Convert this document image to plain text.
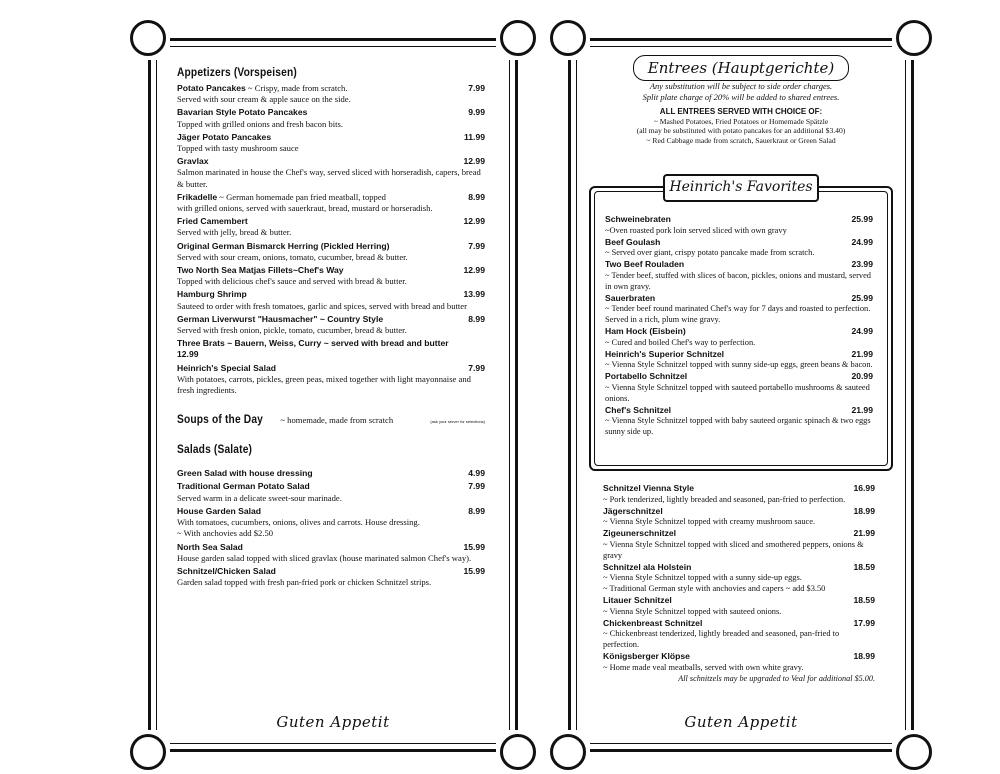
Appetizers (Vorspeisen)
Potato Pancakes ~ Crispy, made from scratch.	7.99
Served with sour cream & apple sauce on the side.
Bavarian Style Potato Pancakes	9.99
Topped with grilled onions and fresh bacon bits.
Jäger Potato Pancakes	11.99
Topped with tasty mushroom sauce
Gravlax	12.99
Salmon marinated in house the Chef's way, served sliced with horseradish, capers, bread & butter.
Frikadelle ~ German homemade pan fried meatball, topped	8.99
with grilled onions, served with sauerkraut, bread, mustard or horseradish.
Fried Camembert	12.99
Served with jelly, bread & butter.
Original German Bismarck Herring (Pickled Herring)	7.99
Served with sour cream, onions, tomato, cucumber, bread & butter.
Two North Sea Matjas Fillets~Chef's Way	12.99
Topped with delicious chef's sauce and served with bread & butter.
Hamburg Shrimp	13.99
Sauteed to order with fresh tomatoes, garlic and spices, served with bread and butter
German Liverwurst "Hausmacher" ~ Country Style	8.99
Served with fresh onion, pickle, tomato, cucumber, bread & butter.
Three Brats ~ Bauern, Weiss, Curry ~ served with bread and butter
12.99
Heinrich's Special Salad	7.99
With potatoes, carrots, pickles, green peas, mixed together with light mayonnaise and fresh ingredients.
Soups of the Day ~ homemade, made from scratch	(ask your server for selections)
Salads (Salate)
Green Salad with house dressing	4.99
Traditional German Potato Salad	7.99
Served warm in a delicate sweet-sour marinade.
House Garden Salad	8.99
With tomatoes, cucumbers, onions, olives and carrots. House dressing.
~ With anchovies add $2.50
North Sea Salad	15.99
House garden salad topped with sliced gravlax (house marinated salmon Chef's way).
Schnitzel/Chicken Salad	15.99
Garden salad topped with fresh pan-fried pork or chicken Schnitzel strips.
Guten Appetit
Entrees (Hauptgerichte)
Any substitution will be subject to side order charges.
Split plate charge of 20% will be added to shared entrees.
ALL ENTREES SERVED WITH CHOICE OF:
~ Mashed Potatoes, Fried Potatoes or Homemade Spätzle
(all may be substituted with potato pancakes for an additional $3.40)
~ Red Cabbage made from scratch, Sauerkraut or Green Salad
Heinrich's Favorites
Schweinebraten	25.99
~Oven roasted pork loin served sliced with own gravy
Beef Goulash	24.99
~ Served over giant, crispy potato pancake made from scratch.
Two Beef Rouladen	23.99
~ Tender beef, stuffed with slices of bacon, pickles, onions and mustard, served in own gravy.
Sauerbraten	25.99
~ Tender beef round marinated Chef's way for 7 days and roasted to perfection. Served in a rich, plum wine gravy.
Ham Hock (Eisbein)	24.99
~ Cured and boiled Chef's way to perfection.
Heinrich's Superior Schnitzel	21.99
~ Vienna Style Schnitzel topped with sunny side-up eggs, green beans & bacon.
Portabello Schnitzel	20.99
~ Vienna Style Schnitzel topped with sauteed portabello mushrooms & sauteed onions.
Chef's Schnitzel	21.99
~ Vienna Style Schnitzel topped with baby sauteed organic spinach & two eggs sunny side up.
Schnitzel Vienna Style	16.99
~ Pork tenderized, lightly breaded and seasoned, pan-fried to perfection.
Jägerschnitzel	18.99
~ Vienna Style Schnitzel topped with creamy mushroom sauce.
Zigeunerschnitzel	21.99
~ Vienna Style Schnitzel topped with sliced and smothered peppers, onions & gravy
Schnitzel ala Holstein	18.59
~ Vienna Style Schnitzel topped with a sunny side-up eggs.
~ Traditional German style with anchovies and capers ~ add $3.50
Litauer Schnitzel	18.59
~ Vienna Style Schnitzel topped with sauteed onions.
Chickenbreast Schnitzel	17.99
~ Chickenbreast tenderized, lightly breaded and seasoned, pan-fried to perfection.
Königsberger Klöpse	18.99
~ Home made veal meatballs, served with own white gravy.
All schnitzels may be upgraded to Veal for additional $5.00.
Guten Appetit
